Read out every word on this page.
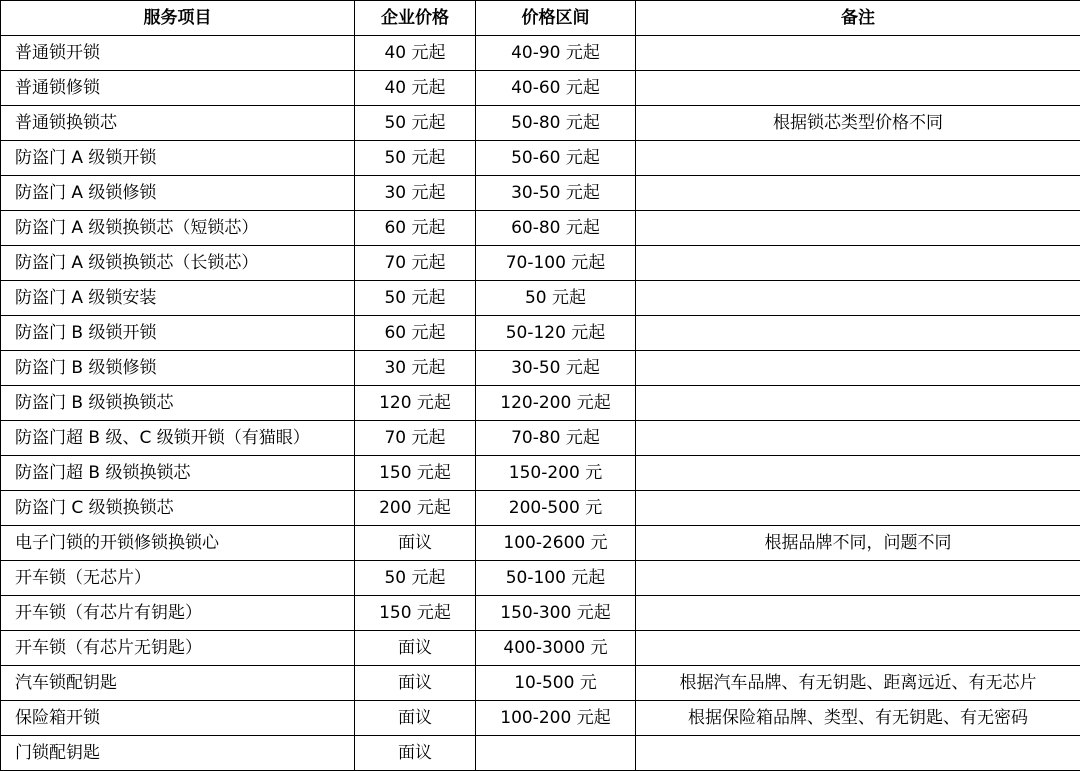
服务项目	企业价格	价格区间	备注
普通锁开锁	40 元起	40-90 元起	
普通锁修锁	40 元起	40-60 元起	
普通锁换锁芯	50 元起	50-80 元起	根据锁芯类型价格不同
防盗门 A 级锁开锁	50 元起	50-60 元起	
防盗门 A 级锁修锁	30 元起	30-50 元起	
防盗门 A 级锁换锁芯（短锁芯）	60 元起	60-80 元起	
防盗门 A 级锁换锁芯（长锁芯）	70 元起	70-100 元起	
防盗门 A 级锁安装	50 元起	50 元起	
防盗门 B 级锁开锁	60 元起	50-120 元起	
防盗门 B 级锁修锁	30 元起	30-50 元起	
防盗门 B 级锁换锁芯	120 元起	120-200 元起	
防盗门超 B 级、C 级锁开锁（有猫眼）	70 元起	70-80 元起	
防盗门超 B 级锁换锁芯	150 元起	150-200 元	
防盗门 C 级锁换锁芯	200 元起	200-500 元	
电子门锁的开锁修锁换锁心	面议	100-2600 元	根据品牌不同，问题不同
开车锁（无芯片）	50 元起	50-100 元起	
开车锁（有芯片有钥匙）	150 元起	150-300 元起	
开车锁（有芯片无钥匙）	面议	400-3000 元	
汽车锁配钥匙	面议	10-500 元	根据汽车品牌、有无钥匙、距离远近、有无芯片
保险箱开锁	面议	100-200 元起	根据保险箱品牌、类型、有无钥匙、有无密码
门锁配钥匙	面议		
